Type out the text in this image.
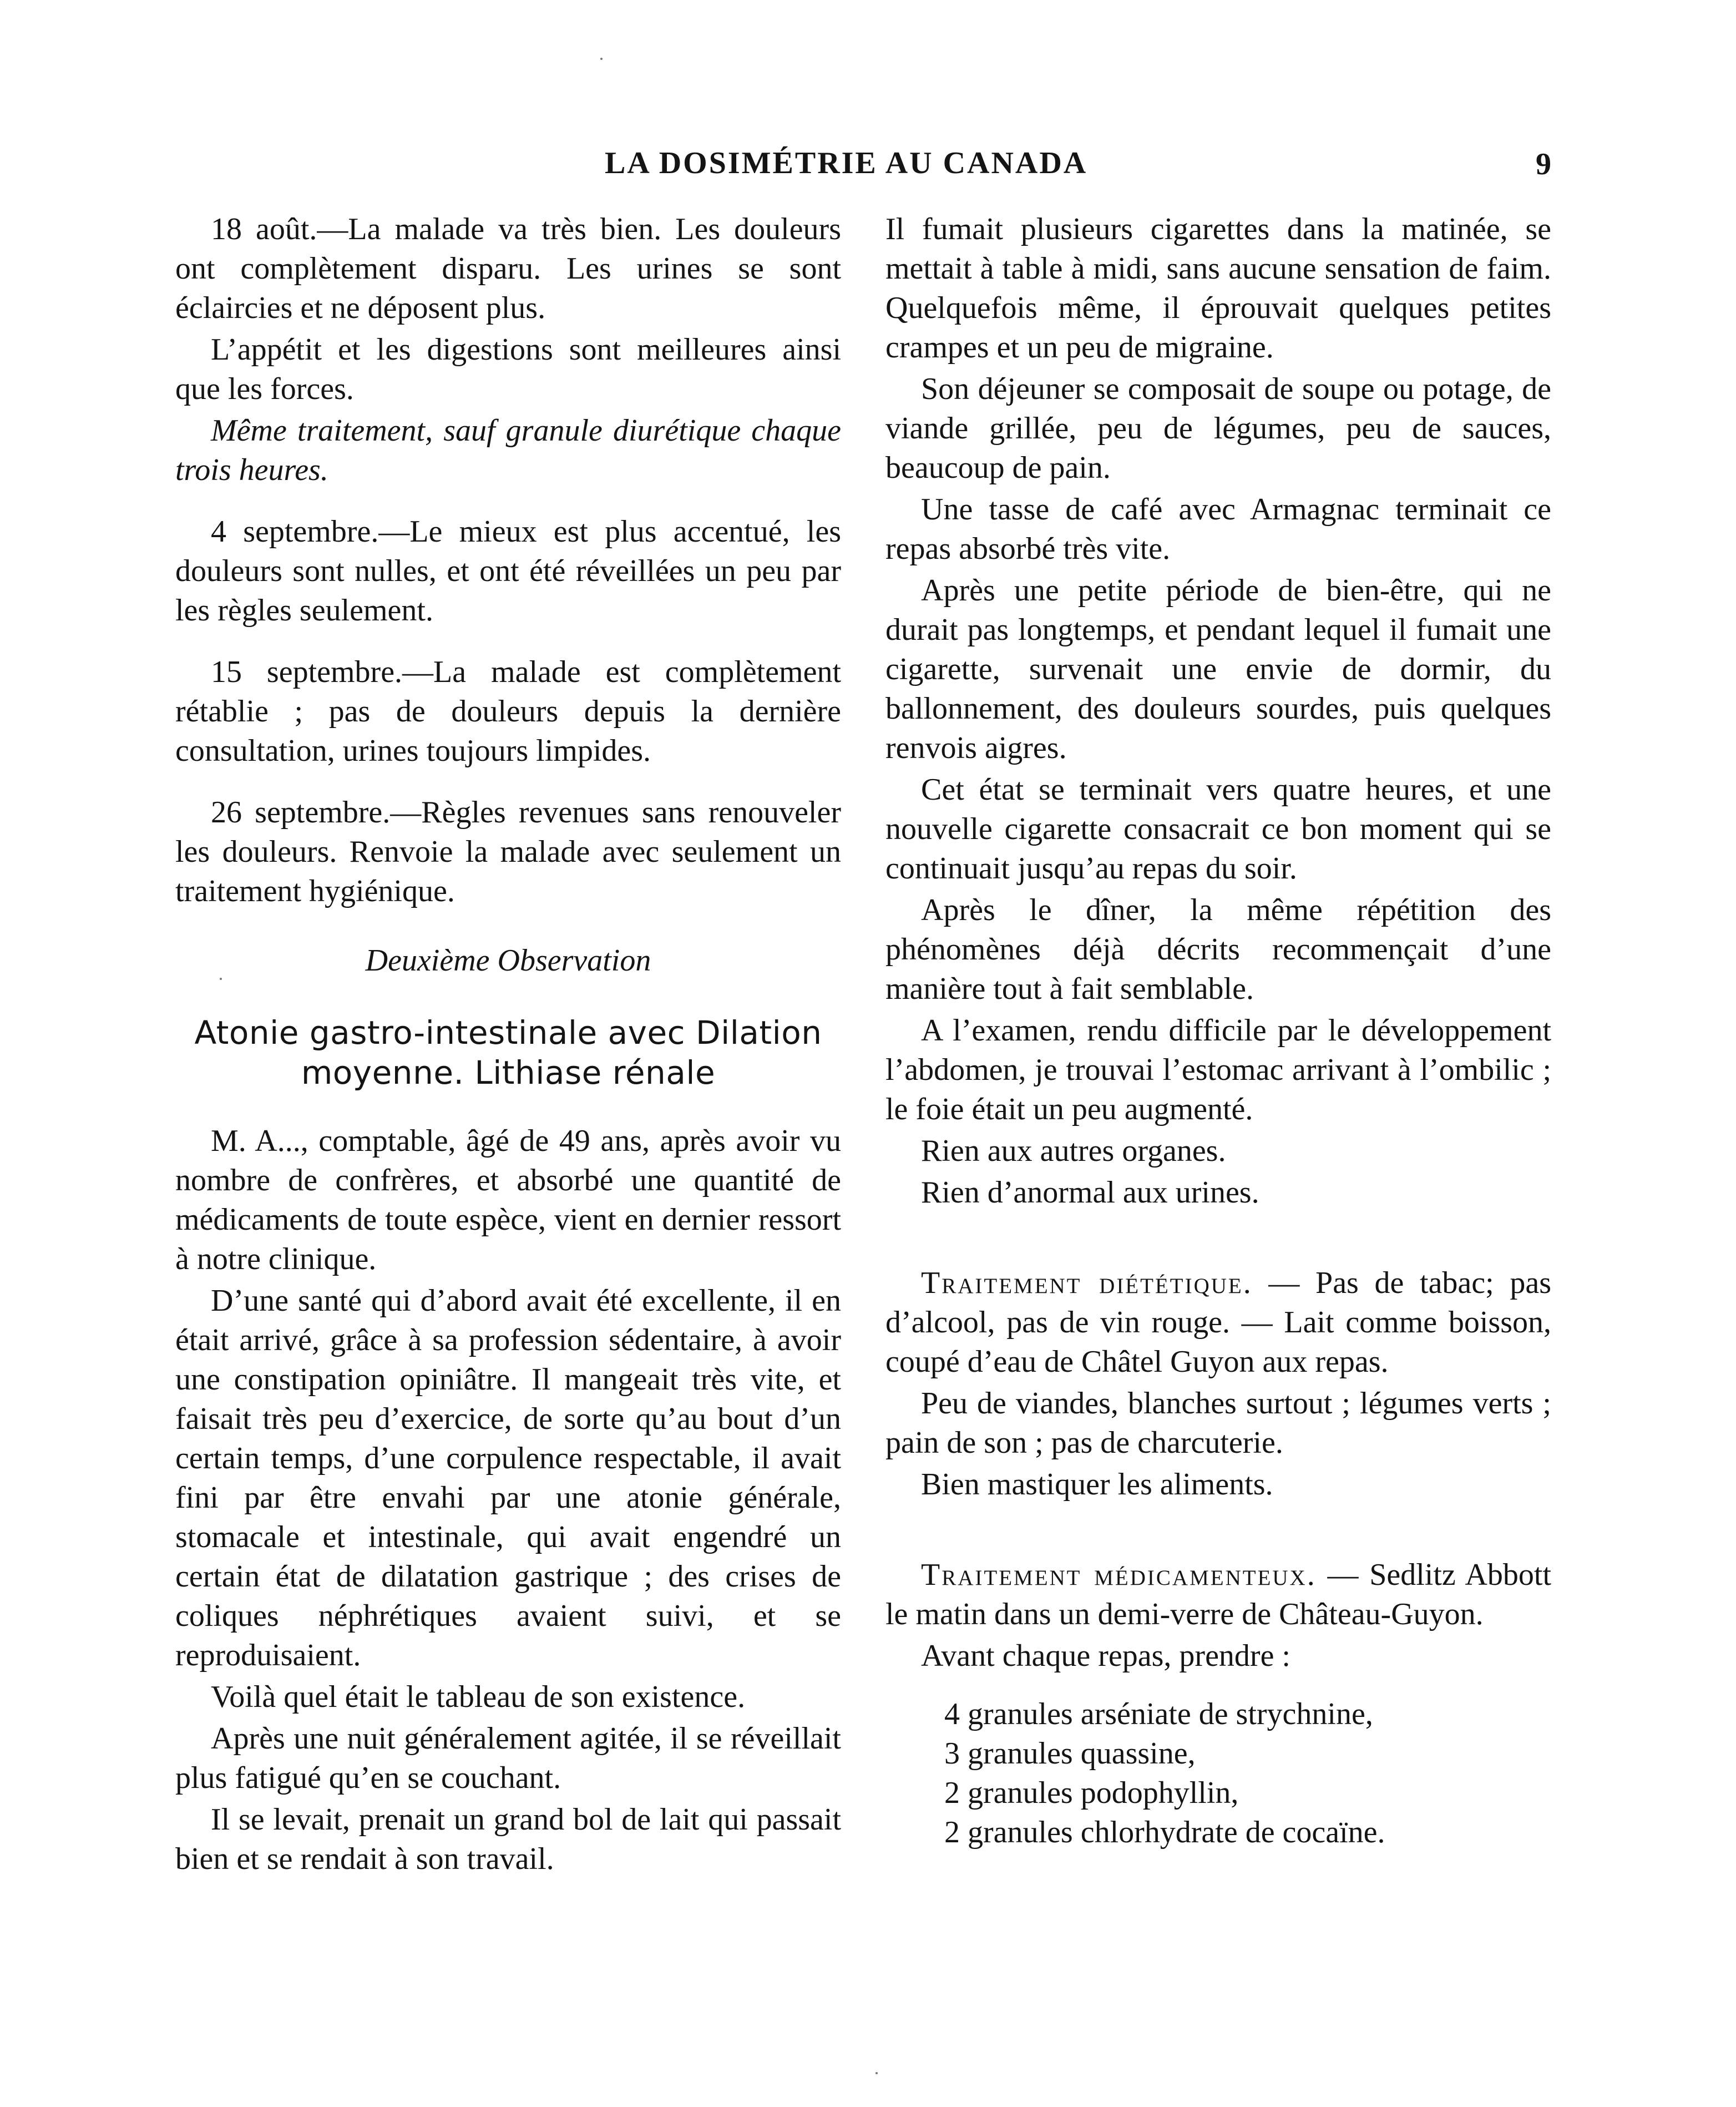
LA DOSIMÉTRIE AU CANADA	9

18 août.—La malade va très bien. Les douleurs ont complètement disparu. Les urines se sont éclaircies et ne déposent plus.

L’appétit et les digestions sont meilleures ainsi que les forces.

Même traitement, sauf granule diurétique chaque trois heures.

4 septembre.—Le mieux est plus accentué, les douleurs sont nulles, et ont été réveillées un peu par les règles seulement.

15 septembre.—La malade est complètement rétablie ; pas de douleurs depuis la dernière consultation, urines toujours limpides.

26 septembre.—Règles revenues sans renouveler les douleurs. Renvoie la malade avec seulement un traitement hygiénique.

Deuxième Observation

Atonie gastro-intestinale avec Dilation
moyenne. Lithiase rénale

M. A..., comptable, âgé de 49 ans, après avoir vu nombre de confrères, et absorbé une quantité de médicaments de toute espèce, vient en dernier ressort à notre clinique.

D’une santé qui d’abord avait été excellente, il en était arrivé, grâce à sa profession sédentaire, à avoir une constipation opiniâtre. Il mangeait très vite, et faisait très peu d’exercice, de sorte qu’au bout d’un certain temps, d’une corpulence respectable, il avait fini par être envahi par une atonie générale, stomacale et intestinale, qui avait engendré un certain état de dilatation gastrique ; des crises de coliques néphrétiques avaient suivi, et se reproduisaient.

Voilà quel était le tableau de son existence.

Après une nuit généralement agitée, il se réveillait plus fatigué qu’en se couchant.

Il se levait, prenait un grand bol de lait qui passait bien et se rendait à son travail.

Il fumait plusieurs cigarettes dans la matinée, se mettait à table à midi, sans aucune sensation de faim. Quelquefois même, il éprouvait quelques petites crampes et un peu de migraine.

Son déjeuner se composait de soupe ou potage, de viande grillée, peu de légumes, peu de sauces, beaucoup de pain.

Une tasse de café avec Armagnac terminait ce repas absorbé très vite.

Après une petite période de bien-être, qui ne durait pas longtemps, et pendant lequel il fumait une cigarette, survenait une envie de dormir, du ballonnement, des douleurs sourdes, puis quelques renvois aigres.

Cet état se terminait vers quatre heures, et une nouvelle cigarette consacrait ce bon moment qui se continuait jusqu’au repas du soir.

Après le dîner, la même répétition des phénomènes déjà décrits recommençait d’une manière tout à fait semblable.

A l’examen, rendu difficile par le développement l’abdomen, je trouvai l’estomac arrivant à l’ombilic ; le foie était un peu augmenté.

Rien aux autres organes.

Rien d’anormal aux urines.

Traitement diététique. — Pas de tabac; pas d’alcool, pas de vin rouge. — Lait comme boisson, coupé d’eau de Châtel Guyon aux repas.

Peu de viandes, blanches surtout ; légumes verts ; pain de son ; pas de charcuterie.

Bien mastiquer les aliments.

Traitement médicamenteux. — Sedlitz Abbott le matin dans un demi-verre de Château-Guyon.

Avant chaque repas, prendre :

4 granules arséniate de strychnine,
3 granules quassine,
2 granules podophyllin,
2 granules chlorhydrate de cocaïne.
